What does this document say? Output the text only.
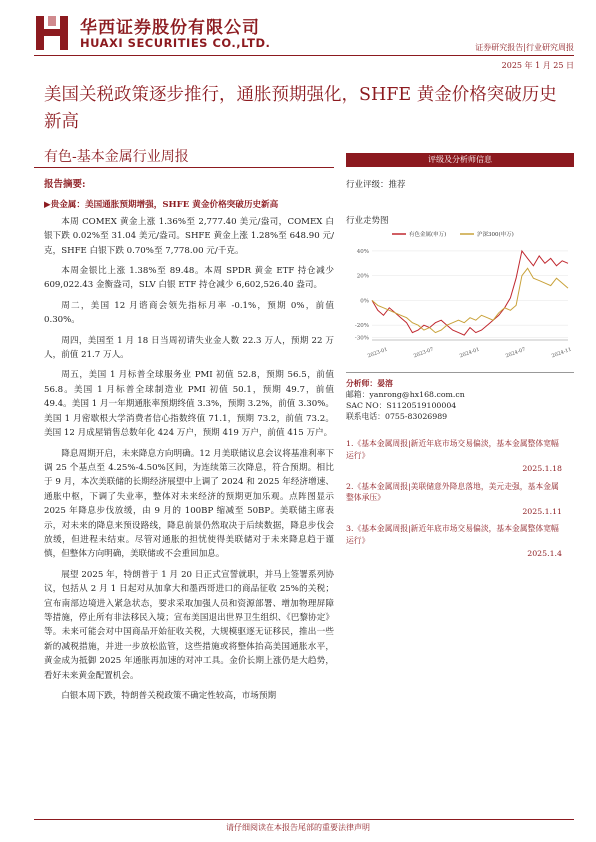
华西证券股份有限公司
HUAXI SECURITIES CO.,LTD.	证券研究报告|行业研究周报
2025 年 1 月 25 日
美国关税政策逐步推行，通胀预期强化，SHFE 黄金价格突破历史新高
有色-基本金属行业周报
报告摘要:
▶贵金属：美国通胀预期增强，SHFE 黄金价格突破历史新高

本周 COMEX 黄金上涨 1.36%至 2,777.40 美元/盎司，COMEX 白银下跌 0.02%至 31.04 美元/盎司。SHFE 黄金上涨 1.28%至 648.90 元/克，SHFE 白银下跌 0.70%至 7,778.00 元/千克。

本周金银比上涨 1.38%至 89.48。本周 SPDR 黄金 ETF 持仓减少 609,022.43 金衡盎司，SLV 白银 ETF 持仓减少 6,602,526.40 盎司。

周二，美国 12 月谘商会领先指标月率 -0.1%，预期 0%，前值 0.30%。

周四，美国至 1 月 18 日当周初请失业金人数 22.3 万人，预期 22 万人，前值 21.7 万人。

周五，美国 1 月标普全球服务业 PMI 初值 52.8，预期 56.5，前值 56.8。美国 1 月标普全球制造业 PMI 初值 50.1，预期 49.7，前值 49.4。美国 1 月一年期通胀率预期终值 3.3%，预期 3.2%，前值 3.30%。美国 1 月密歇根大学消费者信心指数终值 71.1，预期 73.2，前值 73.2。美国 12 月成屋销售总数年化 424 万户，预期 419 万户，前值 415 万户。

降息周期开启，未来降息方向明确。12 月美联储议息会议将基准利率下调 25 个基点至 4.25%-4.50%区间，为连续第三次降息，符合预期。相比于 9 月，本次美联储的长期经济展望中上调了 2024 和 2025 年经济增速、通胀中枢，下调了失业率，整体对未来经济的预期更加乐观。点阵图显示 2025 年降息步伐放缓，由 9 月的 100BP 缩减至 50BP。美联储主席表示，对未来的降息来预设路线，降息前景仍然取决于后续数据，降息步伐会放缓，但进程未结束。尽管对通胀的担忧使得美联储对于未来降息趋于谨慎，但整体方向明确，美联储或不会重回加息。

展望 2025 年，特朗普于 1 月 20 日正式宣誓就职，并马上签署系列协议，包括从 2 月 1 日起对从加拿大和墨西哥进口的商品征收 25%的关税；宣布南部边境进入紧急状态，要求采取加强人员和资源部署、增加物理屏障等措施，停止所有非法移民入境；宣布美国退出世界卫生组织、《巴黎协定》等。未来可能会对中国商品开始征收关税，大规模驱逐无证移民，推出一些新的减税措施，并进一步放松监管，这些措施或将整体抬高美国通胀水平，黄金成为抵御 2025 年通胀再加速的对冲工具。金价长期上涨仍是大趋势，看好未来黄金配置机会。

白银本周下跌，特朗普关税政策不确定性较高，市场预期

评级及分析师信息
行业评级：推荐
行业走势图
有色金属(申万)	沪深300(申万)
40%
20%
0%
-20%
-30%
2023-01	2023-07	2024-01	2024-07	2024-11
分析师：晏溶
邮箱：yanrong@hx168.com.cn
SAC NO：S1120519100004
联系电话：0755-83026989
1.《基本金属周报|新近年底市场交易偏淡，基本金属整体宽幅运行》
2025.1.18
2.《基本金属周报|美联储意外降息落地，美元走强，基本金属整体承压》
2025.1.11
3.《基本金属周报|新近年底市场交易偏淡，基本金属整体宽幅运行》
2025.1.4
请仔细阅读在本报告尾部的重要法律声明
